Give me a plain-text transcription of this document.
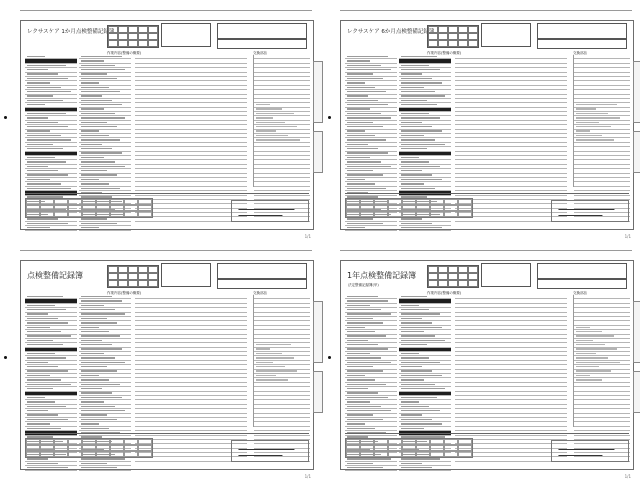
レクサスケア 1か月点検整備記録簿
作業内容(整備の概要)	交換部品
1/1
レクサスケア 6か月点検整備記録簿
作業内容(整備の概要)	交換部品
1/1
点検整備記録簿
作業内容(整備の概要)	交換部品
1/1
1年点検整備記録簿
法定整備記録簿(甲)
作業内容(整備の概要)	交換部品
1/1
